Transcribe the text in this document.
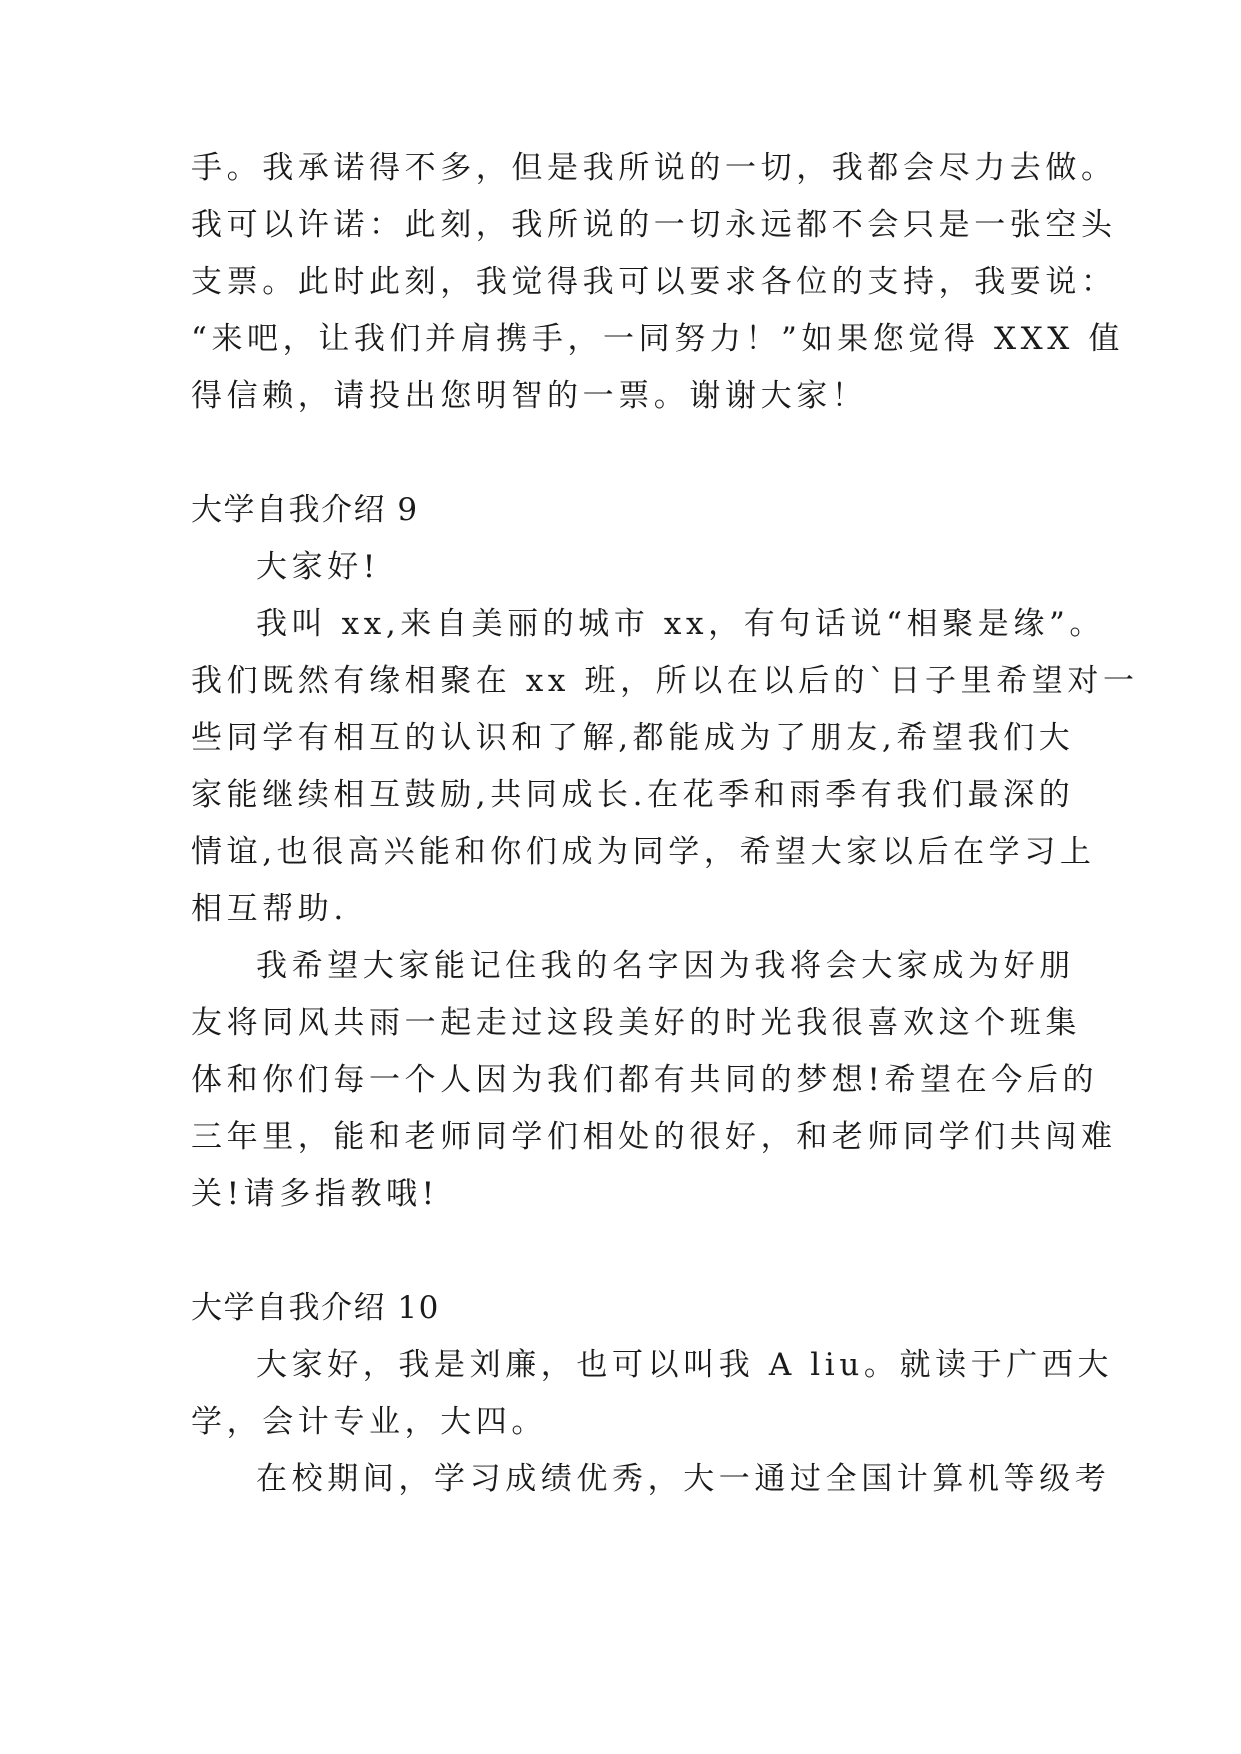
手。我承诺得不多，但是我所说的一切，我都会尽力去做。
我可以许诺：此刻，我所说的一切永远都不会只是一张空头
支票。此时此刻，我觉得我可以要求各位的支持，我要说：
“来吧，让我们并肩携手，一同努力！”如果您觉得 XXX 值
得信赖，请投出您明智的一票。谢谢大家！
大学自我介绍 9
大家好!
我叫 xx,来自美丽的城市 xx，有句话说“相聚是缘”。
我们既然有缘相聚在 xx 班，所以在以后的`日子里希望对一
些同学有相互的认识和了解,都能成为了朋友,希望我们大
家能继续相互鼓励,共同成长.在花季和雨季有我们最深的
情谊,也很高兴能和你们成为同学，希望大家以后在学习上
相互帮助.
我希望大家能记住我的名字因为我将会大家成为好朋
友将同风共雨一起走过这段美好的时光我很喜欢这个班集
体和你们每一个人因为我们都有共同的梦想!希望在今后的
三年里，能和老师同学们相处的很好，和老师同学们共闯难
关!请多指教哦!
大学自我介绍 10
大家好，我是刘廉，也可以叫我 A liu。就读于广西大
学，会计专业，大四。
在校期间，学习成绩优秀，大一通过全国计算机等级考
